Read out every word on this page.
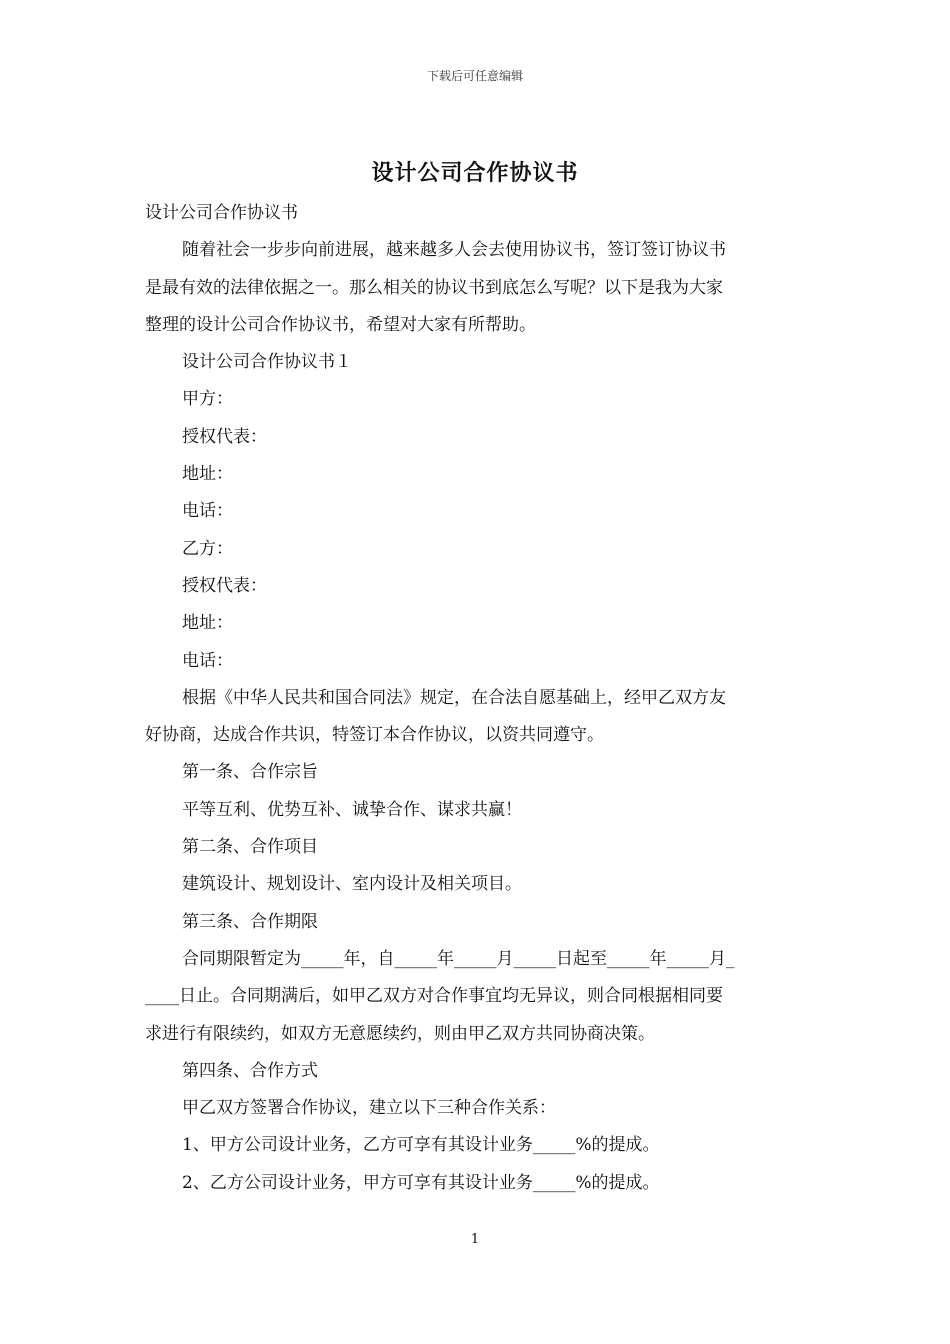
下载后可任意编辑
设计公司合作协议书

设计公司合作协议书

随着社会一步步向前进展，越来越多人会去使用协议书，签订签订协议书

是最有效的法律依据之一。那么相关的协议书到底怎么写呢？以下是我为大家

整理的设计公司合作协议书，希望对大家有所帮助。

设计公司合作协议书１

甲方：

授权代表：

地址：

电话：

乙方：

授权代表：

地址：

电话：

根据《中华人民共和国合同法》规定，在合法自愿基础上，经甲乙双方友

好协商，达成合作共识，特签订本合作协议，以资共同遵守。

第一条、合作宗旨

平等互利、优势互补、诚挚合作、谋求共赢！

第二条、合作项目

建筑设计、规划设计、室内设计及相关项目。

第三条、合作期限

合同期限暂定为_____年，自_____年_____月_____日起至_____年_____月_

____日止。合同期满后，如甲乙双方对合作事宜均无异议，则合同根据相同要

求进行有限续约，如双方无意愿续约，则由甲乙双方共同协商决策。

第四条、合作方式

甲乙双方签署合作协议，建立以下三种合作关系：

1、甲方公司设计业务，乙方可享有其设计业务_____%的提成。

2、乙方公司设计业务，甲方可享有其设计业务_____%的提成。

1
